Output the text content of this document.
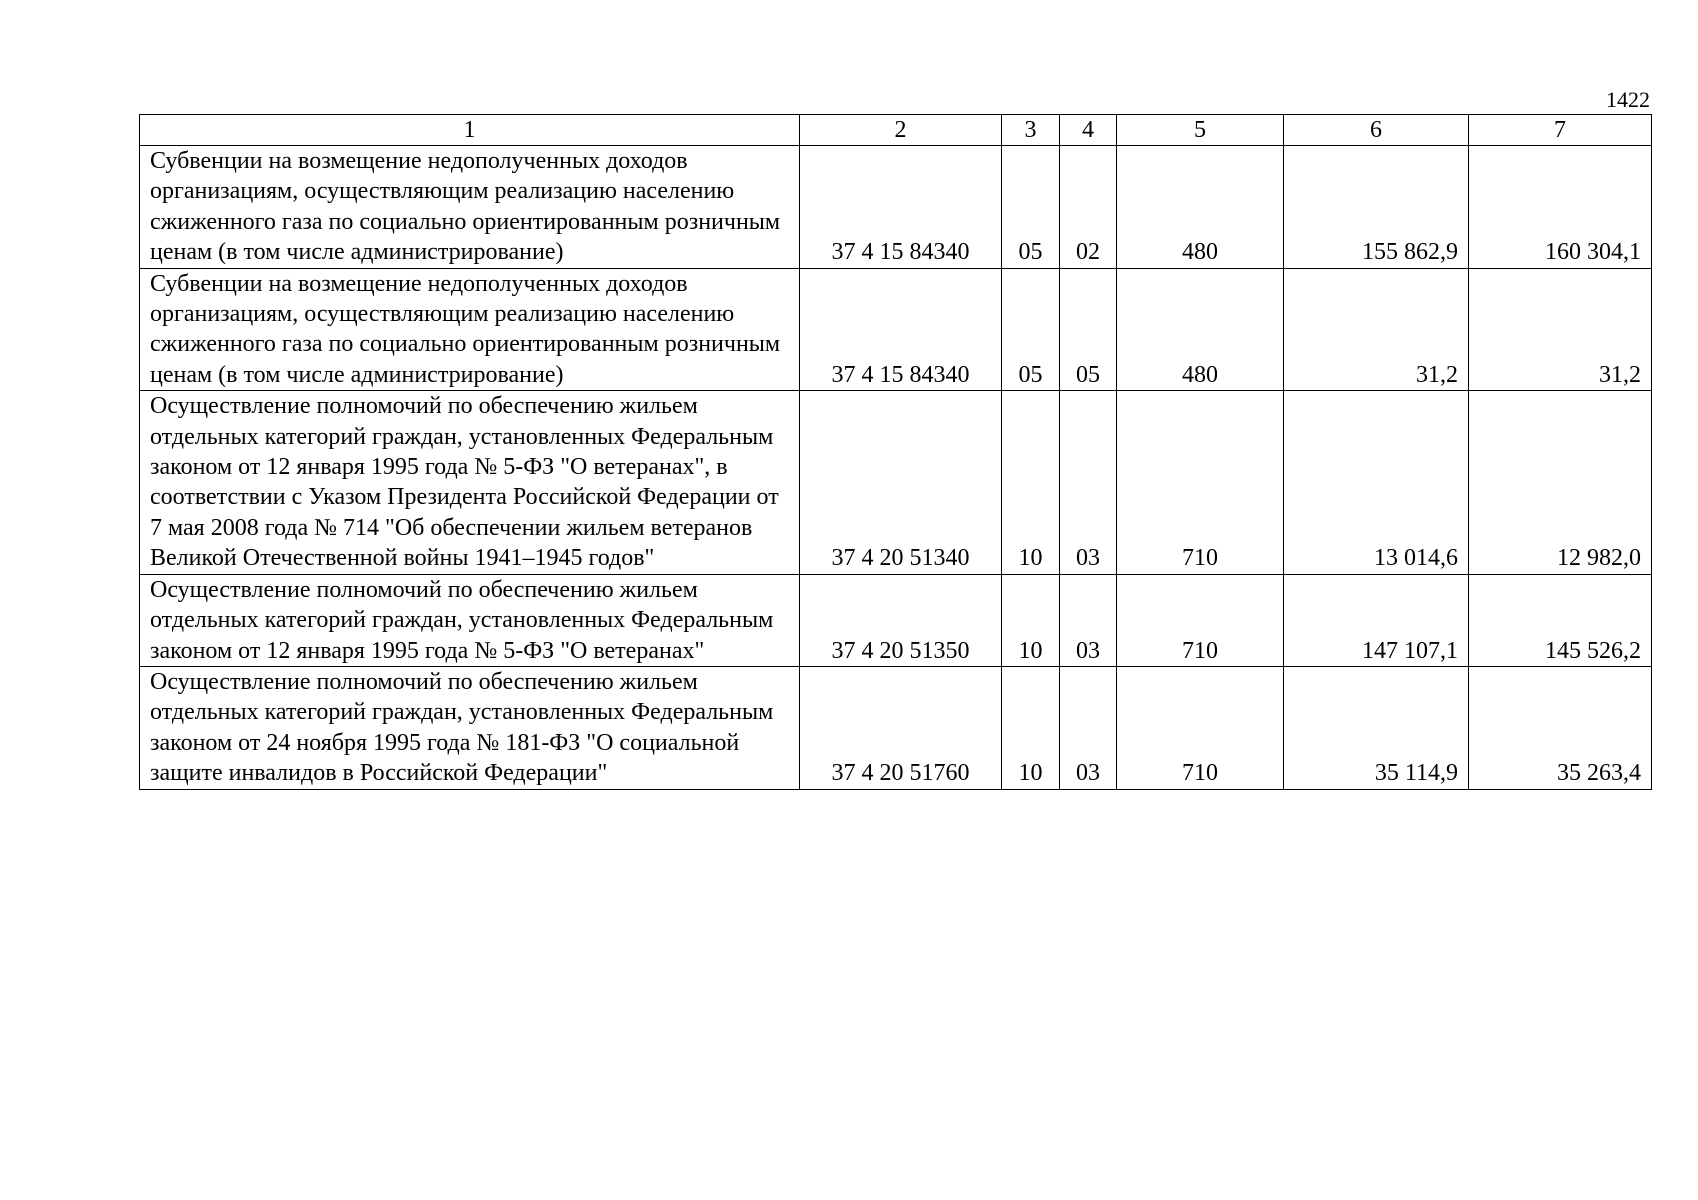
1422
1	2	3	4	5	6	7
Субвенции на возмещение недополученных доходов организациям, осуществляющим реализацию населению сжиженного газа по социально ориентированным розничным ценам (в том числе администрирование)	37 4 15 84340	05	02	480	155 862,9	160 304,1
Субвенции на возмещение недополученных доходов организациям, осуществляющим реализацию населению сжиженного газа по социально ориентированным розничным ценам (в том числе администрирование)	37 4 15 84340	05	05	480	31,2	31,2
Осуществление полномочий по обеспечению жильем отдельных категорий граждан, установленных Федеральным законом от 12 января 1995 года № 5-ФЗ "О ветеранах", в соответствии с Указом Президента Российской Федерации от 7 мая 2008 года № 714 "Об обеспечении жильем ветеранов Великой Отечественной войны 1941–1945 годов"	37 4 20 51340	10	03	710	13 014,6	12 982,0
Осуществление полномочий по обеспечению жильем отдельных категорий граждан, установленных Федеральным законом от 12 января 1995 года № 5-ФЗ "О ветеранах"	37 4 20 51350	10	03	710	147 107,1	145 526,2
Осуществление полномочий по обеспечению жильем отдельных категорий граждан, установленных Федеральным законом от 24 ноября 1995 года № 181-ФЗ "О социальной защите инвалидов в Российской Федерации"	37 4 20 51760	10	03	710	35 114,9	35 263,4
